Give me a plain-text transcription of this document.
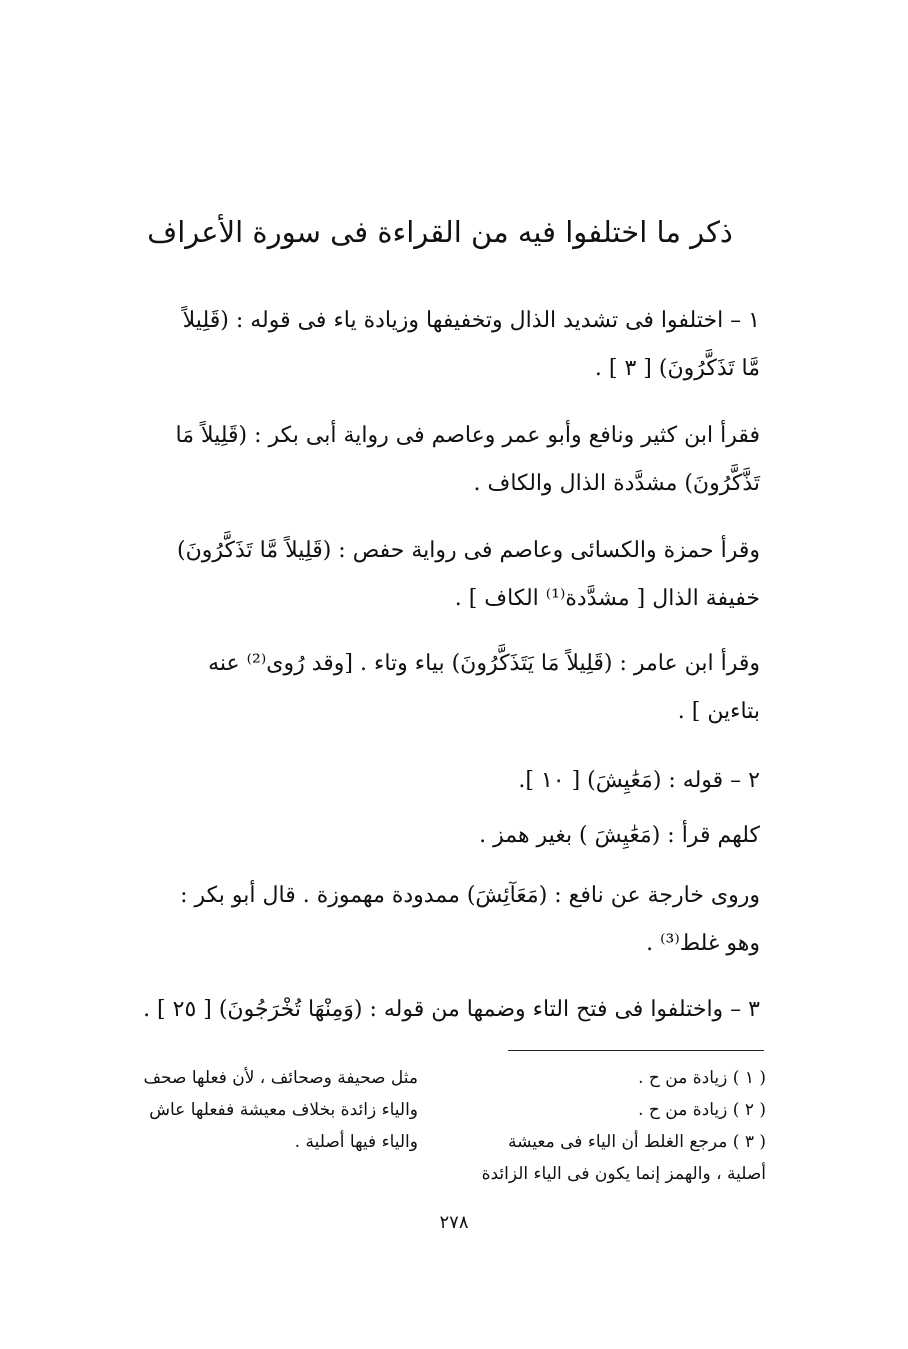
ذكر ما اختلفوا فيه من القراءة فى سورة الأعراف
١ – اختلفوا فى تشديد الذال وتخفيفها وزيادة ياء فى قوله : (قَلِيلاً
مَّا تَذَكَّرُونَ) [ ٣ ] .
فقرأ ابن كثير ونافع وأبو عمر وعاصم فى رواية أبى بكر : (قَلِيلاً مَا
تَذَّكَّرُونَ) مشدَّدة الذال والكاف .
وقرأ حمزة والكسائى وعاصم فى رواية حفص : (قَلِيلاً مَّا تَذَكَّرُونَ)
خفيفة الذال [ مشدَّدة⁽¹⁾ الكاف ] .
وقرأ ابن عامر : (قَلِيلاً مَا يَتَذَكَّرُونَ) بياء وتاء . [وقد رُوى⁽²⁾ عنه
بتاءين ] .
٢ – قوله : (مَعَٰيِشَ) [ ١٠ ].
كلهم قرأ : (مَعَٰيِشَ ) بغير همز .
وروى خارجة عن نافع : (مَعَآئِشَ) ممدودة مهموزة . قال أبو بكر :
وهو غلط⁽³⁾ .
٣ – واختلفوا فى فتح التاء وضمها من قوله : (وَمِنْهَا تُخْرَجُونَ) [ ٢٥ ] .
( ١ ) زيادة من ح .
( ٢ ) زيادة من ح .
( ٣ ) مرجع الغلط أن الياء فى معيشة
أصلية ، والهمز إنما يكون فى الياء الزائدة
مثل صحيفة وصحائف ، لأن فعلها صحف
والياء زائدة بخلاف معيشة ففعلها عاش
والياء فيها أصلية .
٢٧٨
